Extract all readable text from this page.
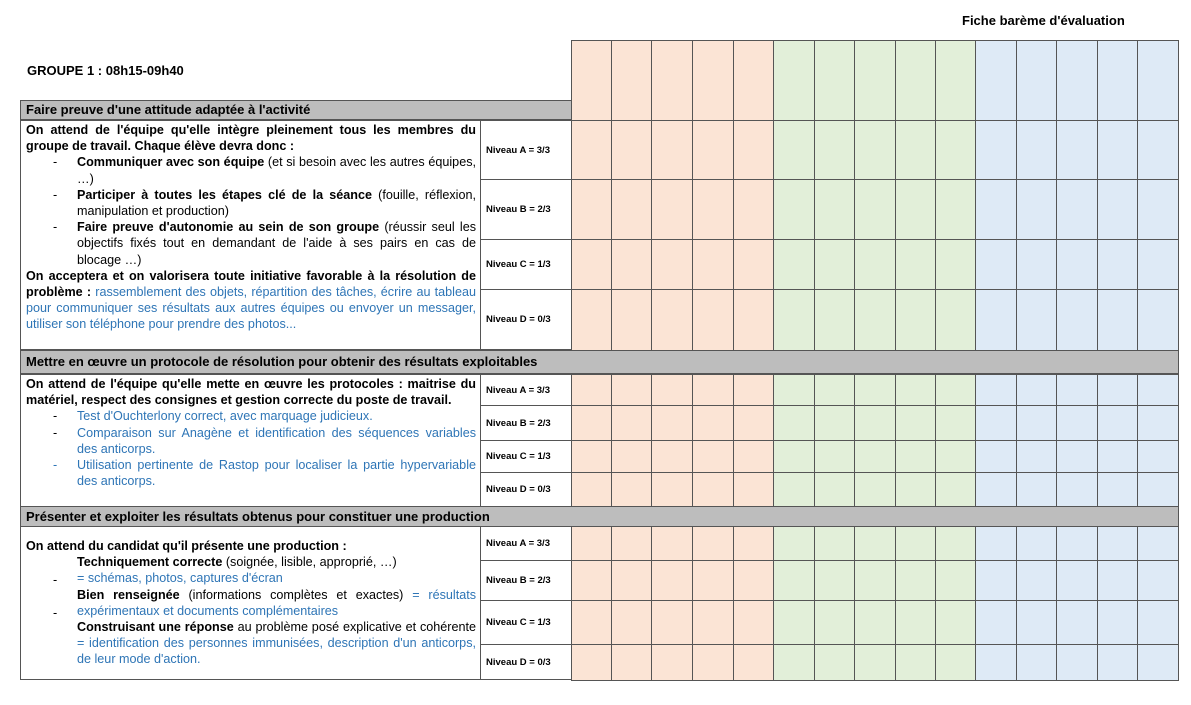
Fiche barème d'évaluation
GROUPE 1 : 08h15-09h40
Faire preuve d'une attitude adaptée à l'activité

On attend de l'équipe qu'elle intègre pleinement tous les membres du groupe de travail. Chaque élève devra donc :

- Communiquer avec son équipe (et si besoin avec les autres équipes, …)
- Participer à toutes les étapes clé de la séance (fouille, réflexion, manipulation et production)
- Faire preuve d'autonomie au sein de son groupe (réussir seul les objectifs fixés tout en demandant de l'aide à ses pairs en cas de blocage …)

On acceptera et on valorisera toute initiative favorable à la résolution de problème : rassemblement des objets, répartition des tâches, écrire au tableau pour communiquer ses résultats aux autres équipes ou envoyer un messager, utiliser son téléphone pour prendre des photos...

Niveau A = 3/3
Niveau B = 2/3
Niveau C = 1/3
Niveau D = 0/3
Mettre en œuvre un protocole de résolution pour obtenir des résultats exploitables

On attend de l'équipe qu'elle mette en œuvre les protocoles : maitrise du matériel, respect des consignes et gestion correcte du poste de travail.

- Test d'Ouchterlony correct, avec marquage judicieux.
- Comparaison sur Anagène et identification des séquences variables des anticorps.
- Utilisation pertinente de Rastop pour localiser la partie hypervariable des anticorps.
Niveau A = 3/3
Niveau B = 2/3
Niveau C = 1/3
Niveau D = 0/3
Présenter et exploiter les résultats obtenus pour constituer une production

On attend du candidat qu'il présente une production :

-
Techniquement correcte (soignée, lisible, approprié, …)
= schémas, photos, captures d'écran
-
Bien renseignée (informations complètes et exactes) = résultats expérimentaux et documents complémentaires
Construisant une réponse au problème posé explicative et cohérente = identification des personnes immunisées, description d'un anticorps, de leur mode d'action.
Niveau A = 3/3
Niveau B = 2/3
Niveau C = 1/3
Niveau D = 0/3
